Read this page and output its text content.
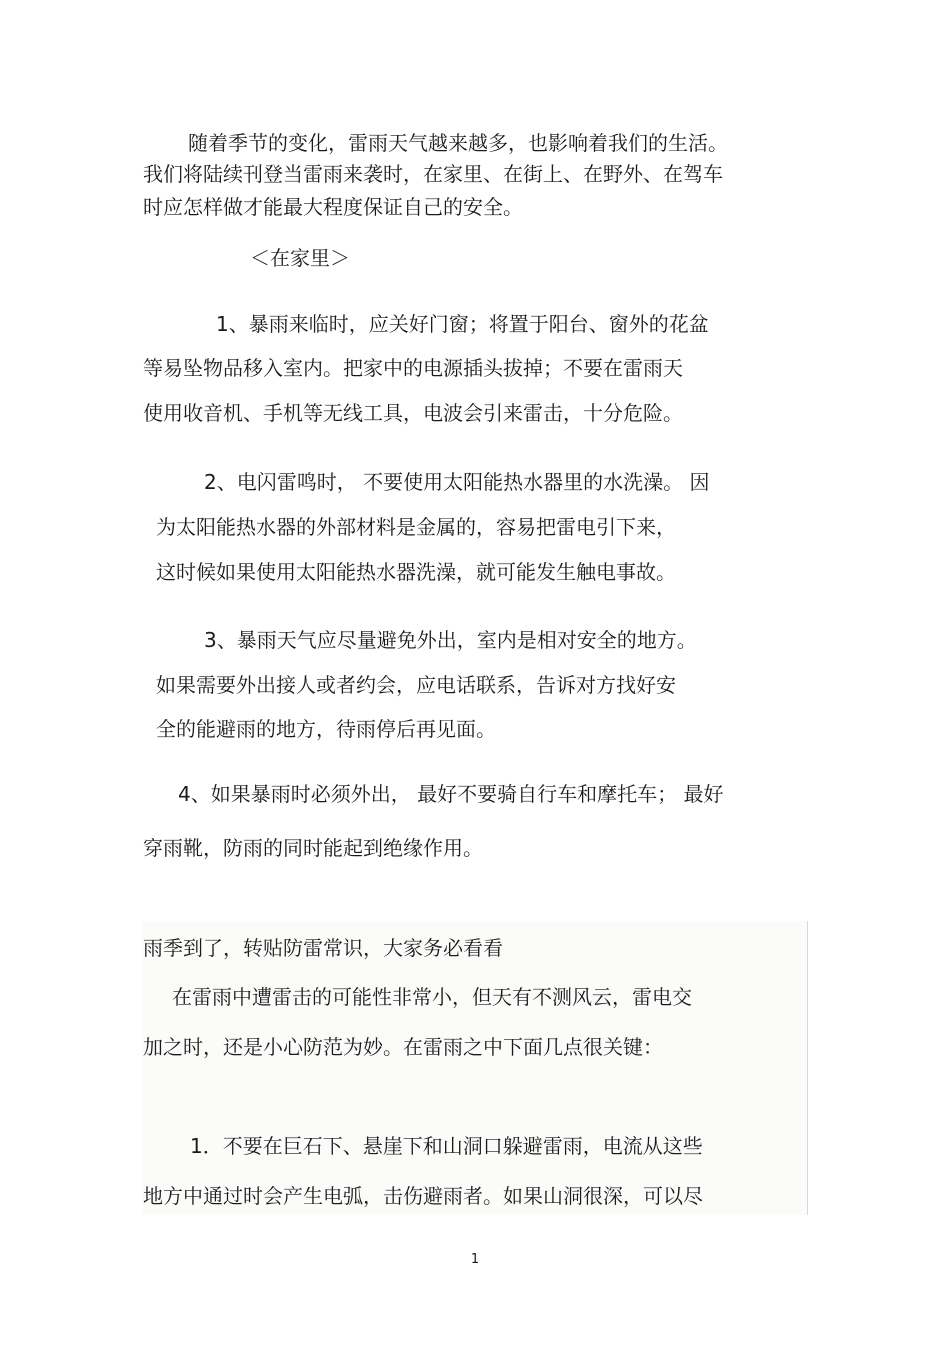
随着季节的变化，雷雨天气越来越多，也影响着我们的生活。
我们将陆续刊登当雷雨来袭时，在家里、在街上、在野外、在驾车
时应怎样做才能最大程度保证自己的安全。
＜在家里＞
1、暴雨来临时，应关好门窗；将置于阳台、窗外的花盆
等易坠物品移入室内。把家中的电源插头拔掉；不要在雷雨天
使用收音机、手机等无线工具，电波会引来雷击，十分危险。
2、电闪雷鸣时， 不要使用太阳能热水器里的水洗澡。 因
为太阳能热水器的外部材料是金属的，容易把雷电引下来，
这时候如果使用太阳能热水器洗澡，就可能发生触电事故。
3、暴雨天气应尽量避免外出，室内是相对安全的地方。
如果需要外出接人或者约会，应电话联系，告诉对方找好安
全的能避雨的地方，待雨停后再见面。
4、如果暴雨时必须外出， 最好不要骑自行车和摩托车； 最好
穿雨靴，防雨的同时能起到绝缘作用。
雨季到了，转贴防雷常识，大家务必看看
在雷雨中遭雷击的可能性非常小，但天有不测风云，雷电交
加之时，还是小心防范为妙。在雷雨之中下面几点很关键：
1．不要在巨石下、悬崖下和山洞口躲避雷雨，电流从这些
地方中通过时会产生电弧，击伤避雨者。如果山洞很深，可以尽
1
